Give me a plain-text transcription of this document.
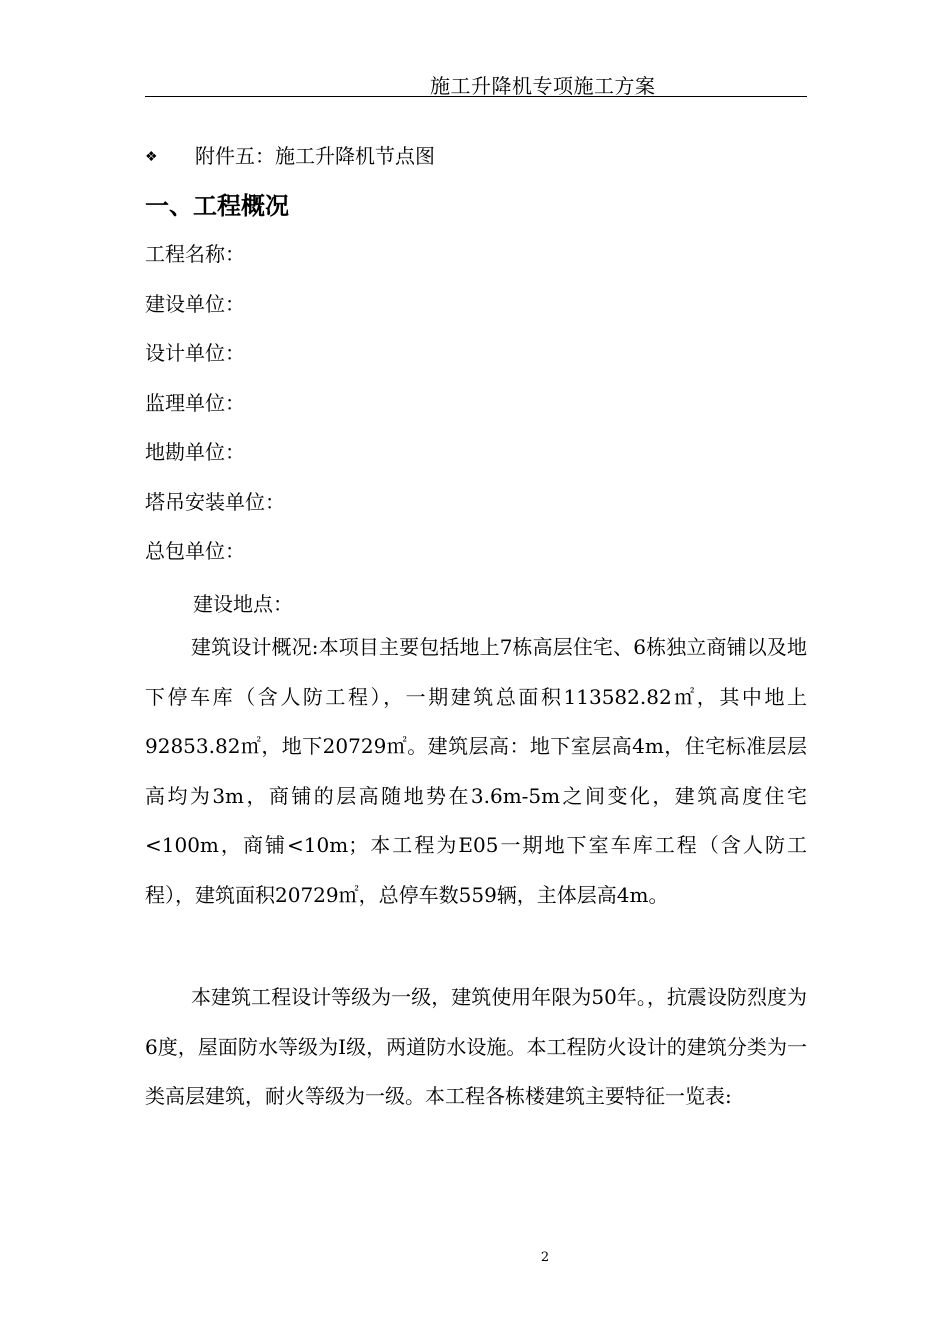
施工升降机专项施工方案
❖ 附件五：施工升降机节点图
一、工程概况
工程名称：
建设单位：
设计单位：
监理单位：
地勘单位：
塔吊安装单位：
总包单位：
建设地点：

建筑设计概况:本项目主要包括地上7栋高层住宅、6栋独立商铺以及地下停车库（含人防工程），一期建筑总面积113582.82㎡，其中地上92853.82㎡，地下20729㎡。建筑层高：地下室层高4m，住宅标准层层高均为3m，商铺的层高随地势在3.6m-5m之间变化，建筑高度住宅<100m，商铺<10m；本工程为E05一期地下室车库工程（含人防工程），建筑面积20729㎡，总停车数559辆，主体层高4m。

本建筑工程设计等级为一级，建筑使用年限为50年。，抗震设防烈度为6度，屋面防水等级为Ⅰ级，两道防水设施。本工程防火设计的建筑分类为一类高层建筑，耐火等级为一级。本工程各栋楼建筑主要特征一览表:

2
